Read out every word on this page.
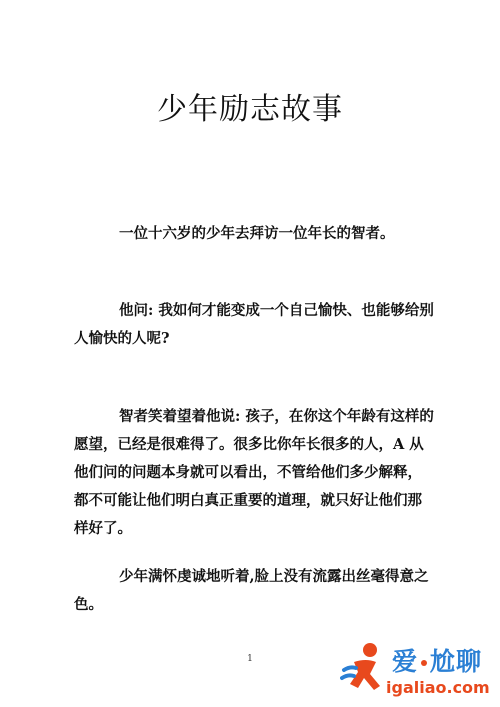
少年励志故事

一位十六岁的少年去拜访一位年长的智者。

他问: 我如何才能变成一个自己愉快、也能够给别人愉快的人呢?

智者笑着望着他说: 孩子，在你这个年龄有这样的愿望，已经是很难得了。很多比你年长很多的人，A 从他们问的问题本身就可以看出，不管给他们多少解释，都不可能让他们明白真正重要的道理，就只好让他们那样好了。

少年满怀虔诚地听着,脸上没有流露出丝毫得意之色。

1	爱 尬聊
igaliao.com
